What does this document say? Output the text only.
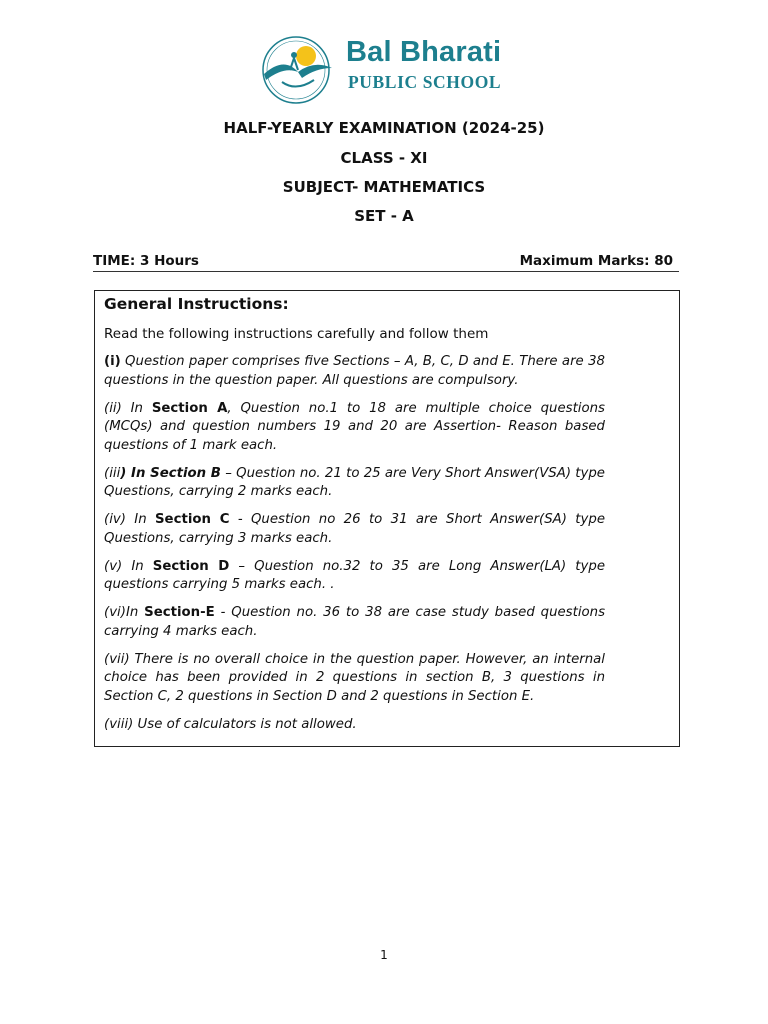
Bal Bharati
PUBLIC SCHOOL
HALF-YEARLY EXAMINATION (2024-25)
CLASS - XI
SUBJECT- MATHEMATICS
SET - A
TIME: 3 Hours	Maximum Marks: 80
General Instructions:
Read the following instructions carefully and follow them
(i) Question paper comprises five Sections – A, B, C, D and E. There are 38 questions in the question paper. All questions are compulsory.
(ii) In Section A, Question no.1 to 18 are multiple choice questions (MCQs) and question numbers 19 and 20 are Assertion- Reason based questions of 1 mark each.
(iii) In Section B – Question no. 21 to 25 are Very Short Answer(VSA) type Questions, carrying 2 marks each.
(iv) In Section C - Question no 26 to 31 are Short Answer(SA) type Questions, carrying 3 marks each.
(v) In Section D – Question no.32 to 35 are Long Answer(LA) type questions carrying 5 marks each. .
(vi)In Section-E - Question no. 36 to 38 are case study based questions carrying 4 marks each.
(vii) There is no overall choice in the question paper. However, an internal choice has been provided in 2 questions in section B, 3 questions in Section C, 2 questions in Section D and 2 questions in Section E.
(viii) Use of calculators is not allowed.
1
